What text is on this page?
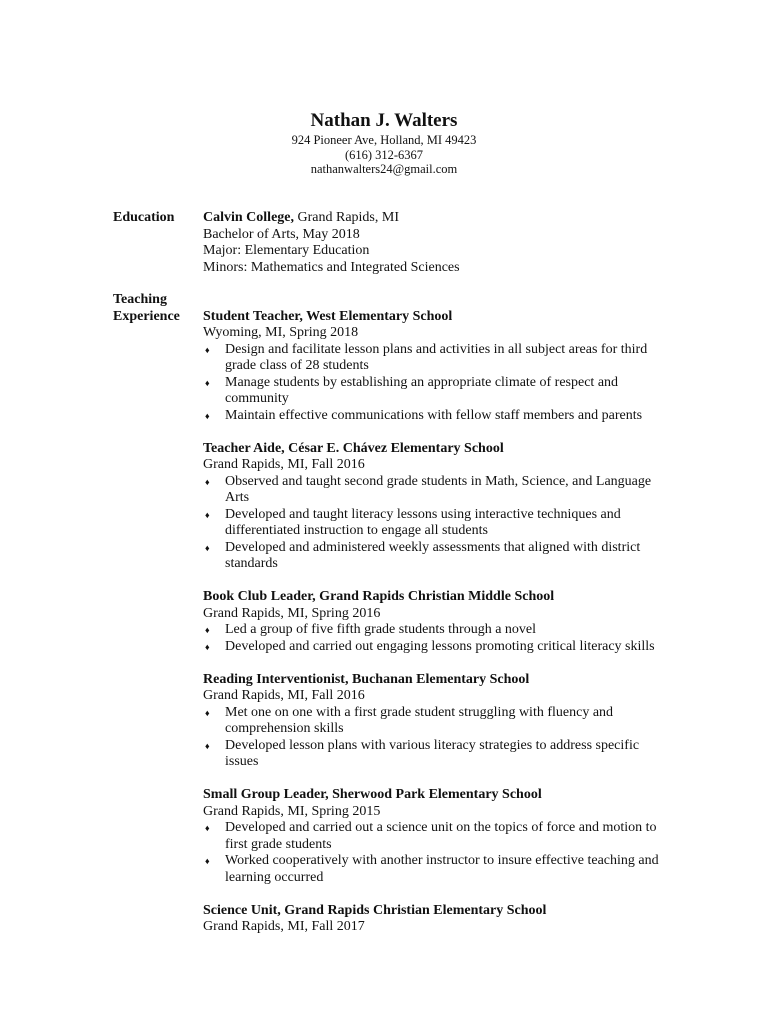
Nathan J. Walters
924 Pioneer Ave, Holland, MI 49423
(616) 312-6367
nathanwalters24@gmail.com
Education	Calvin College, Grand Rapids, MI
Bachelor of Arts, May 2018
Major: Elementary Education
Minors: Mathematics and Integrated Sciences
Teaching
Experience	Student Teacher, West Elementary School
Wyoming, MI, Spring 2018
♦ Design and facilitate lesson plans and activities in all subject areas for third
grade class of 28 students
♦ Manage students by establishing an appropriate climate of respect and
community
♦ Maintain effective communications with fellow staff members and parents
Teacher Aide, César E. Chávez Elementary School
Grand Rapids, MI, Fall 2016
♦ Observed and taught second grade students in Math, Science, and Language
Arts
♦ Developed and taught literacy lessons using interactive techniques and
differentiated instruction to engage all students
♦ Developed and administered weekly assessments that aligned with district
standards
Book Club Leader, Grand Rapids Christian Middle School
Grand Rapids, MI, Spring 2016
♦ Led a group of five fifth grade students through a novel
♦ Developed and carried out engaging lessons promoting critical literacy skills
Reading Interventionist, Buchanan Elementary School
Grand Rapids, MI, Fall 2016
♦ Met one on one with a first grade student struggling with fluency and
comprehension skills
♦ Developed lesson plans with various literacy strategies to address specific
issues
Small Group Leader, Sherwood Park Elementary School
Grand Rapids, MI, Spring 2015
♦ Developed and carried out a science unit on the topics of force and motion to
first grade students
♦ Worked cooperatively with another instructor to insure effective teaching and
learning occurred
Science Unit, Grand Rapids Christian Elementary School
Grand Rapids, MI, Fall 2017
